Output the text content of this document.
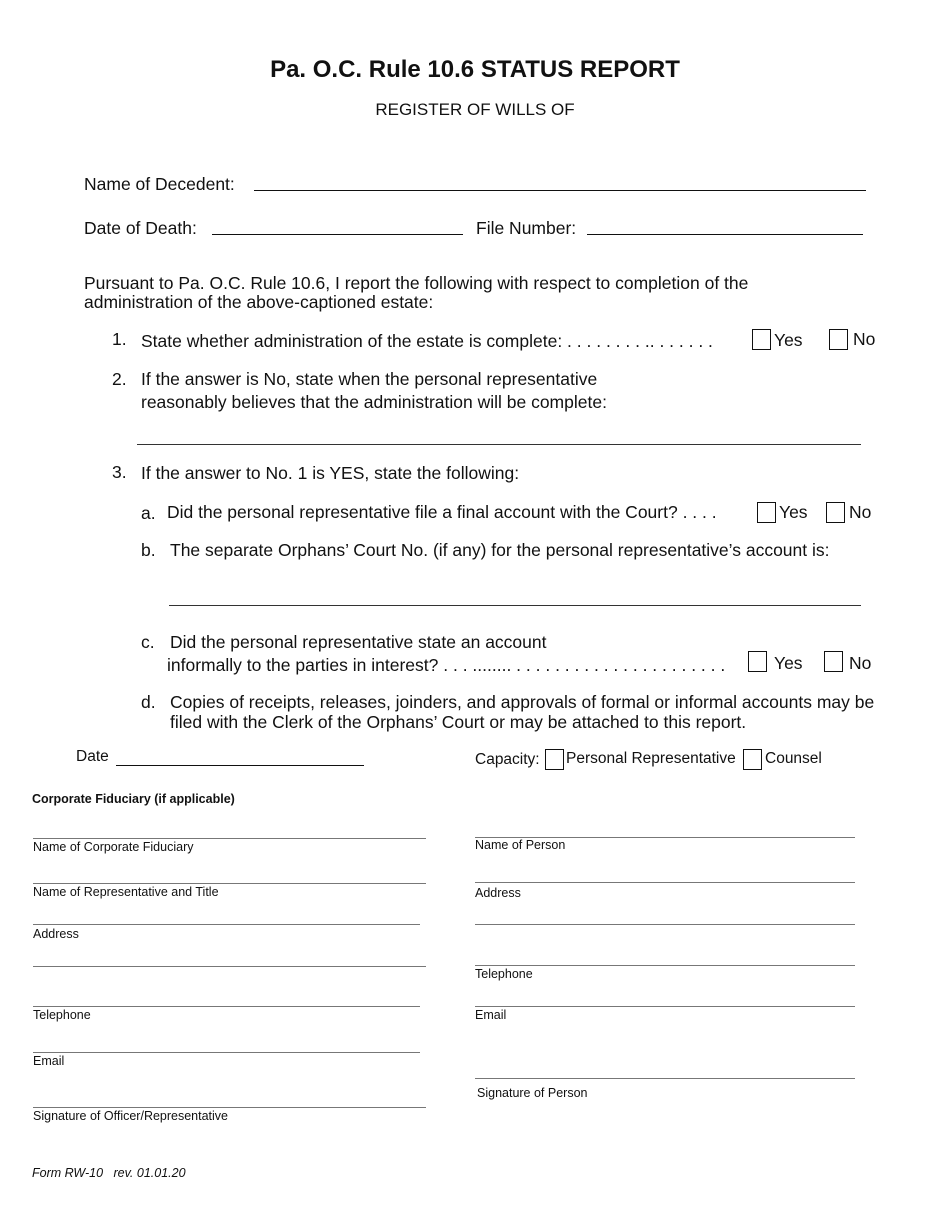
Pa. O.C. Rule 10.6 STATUS REPORT
REGISTER OF WILLS OF
Name of Decedent:
Date of Death:	File Number:
Pursuant to Pa. O.C. Rule 10.6, I report the following with respect to completion of the
administration of the above-captioned estate:
1. State whether administration of the estate is complete: . . . . . . . . .. . . . . . .	Yes	No
2. If the answer is No, state when the personal representative
reasonably believes that the administration will be complete:
3. If the answer to No. 1 is YES, state the following:
a. Did the personal representative file a final account with the Court? . . . .	Yes No
b. The separate Orphans’ Court No. (if any) for the personal representative’s account is:
c. Did the personal representative state an account
informally to the parties in interest? . . . ........ . . . . . . . . . . . . . . . . . . . . . .	Yes	No
d. Copies of receipts, releases, joinders, and approvals of formal or informal accounts may be
filed with the Clerk of the Orphans’ Court or may be attached to this report.
Date	Capacity: Personal Representative Counsel
Corporate Fiduciary (if applicable)
Name of Corporate Fiduciary
Name of Representative and Title
Address
Telephone
Email
Signature of Officer/Representative
Name of Person
Address
Telephone
Email
Signature of Person
Form RW-10   rev. 01.01.20
